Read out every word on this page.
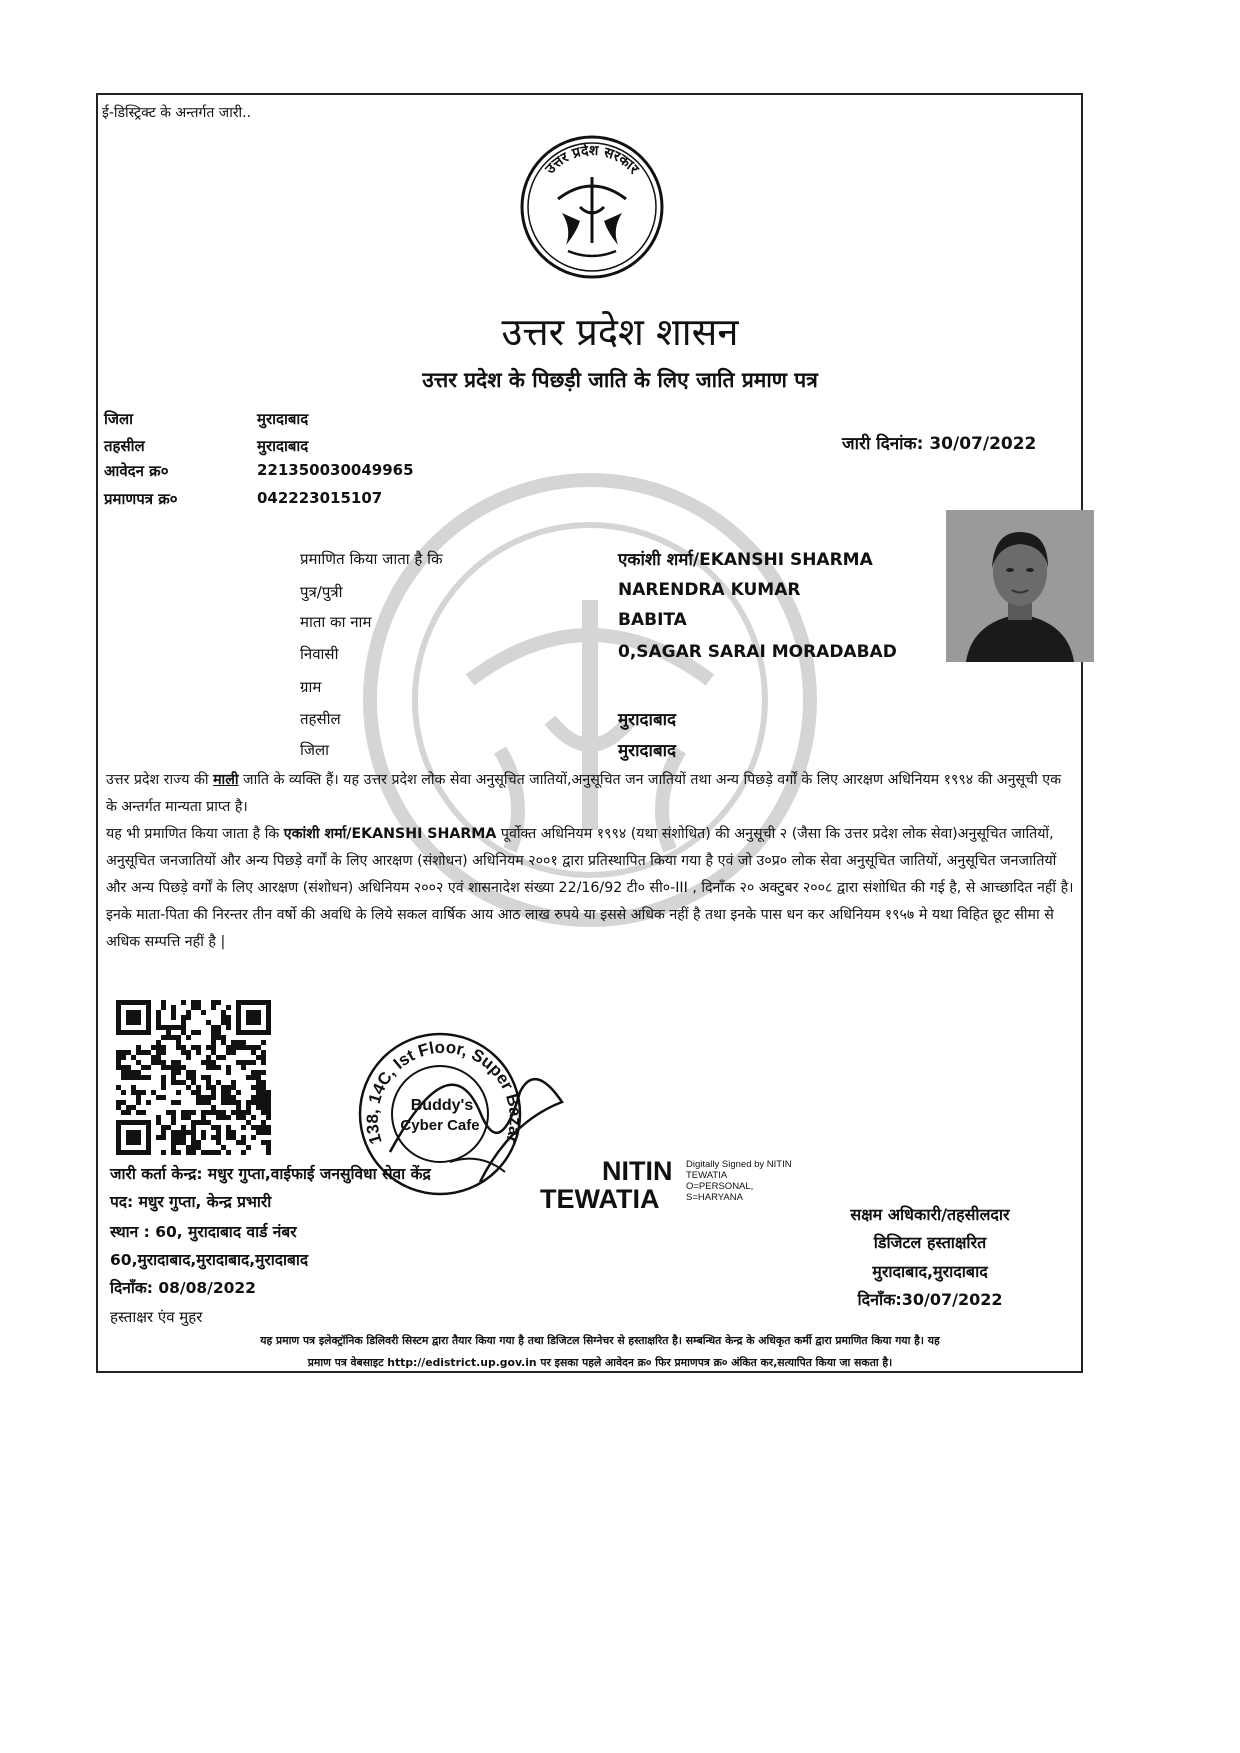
ई-डिस्ट्रिक्ट के अन्तर्गत जारी..
उत्तर प्रदेश सरकार
उत्तर प्रदेश शासन
उत्तर प्रदेश के पिछड़ी जाति के लिए जाति प्रमाण पत्र
जिला	मुरादाबाद
तहसील	मुरादाबाद
आवेदन क्र०	221350030049965
प्रमाणपत्र क्र०	042223015107
जारी दिनांक: 30/07/2022
प्रमाणित किया जाता है कि	एकांशी शर्मा/EKANSHI SHARMA
पुत्र/पुत्री	NARENDRA KUMAR
माता का नाम	BABITA
निवासी	0,SAGAR SARAI MORADABAD
ग्राम
तहसील	मुरादाबाद
जिला	मुरादाबाद

उत्तर प्रदेश राज्य की माली जाति के व्यक्ति हैं। यह उत्तर प्रदेश लोक सेवा अनुसूचित जातियों,अनुसूचित जन जातियों तथा अन्य पिछड़े वर्गों के लिए आरक्षण अधिनियम १९९४ की अनुसूची एक के अन्तर्गत मान्यता प्राप्त है।

यह भी प्रमाणित किया जाता है कि एकांशी शर्मा/EKANSHI SHARMA पूर्वोक्त अधिनियम १९९४ (यथा संशोधित) की अनुसूची २ (जैसा कि उत्तर प्रदेश लोक सेवा)अनुसूचित जातियों, अनुसूचित जनजातियों और अन्य पिछड़े वर्गों के लिए आरक्षण (संशोधन) अधिनियम २००१ द्वारा प्रतिस्थापित किया गया है एवं जो उ०प्र० लोक सेवा अनुसूचित जातियों, अनुसूचित जनजातियों और अन्य पिछड़े वर्गों के लिए आरक्षण (संशोधन) अधिनियम २००२ एवं शासनादेश संख्या 22/16/92 टी० सी०-III , दिनाँक २० अक्टुबर २००८ द्वारा संशोधित की गई है, से आच्छादित नहीं है।इनके माता-पिता की निरन्तर तीन वर्षो की अवधि के लिये सकल वार्षिक आय आठ लाख रुपये या इससे अधिक नहीं है तथा इनके पास धन कर अधिनियम १९५७ मे यथा विहित छूट सीमा से अधिक सम्पत्ति नहीं है |

138, 14C, Ist Floor, Super Bazar
Buddy's
Cyber Cafe
जारी कर्ता केन्द्र: मधुर गुप्ता,वाईफाई जनसुविधा सेवा केंद्र
पद: मधुर गुप्ता, केन्द्र प्रभारी
स्थान : 60, मुरादाबाद वार्ड नंबर
60,मुरादाबाद,मुरादाबाद,मुरादाबाद
दिनाँक: 08/08/2022
हस्ताक्षर एंव मुहर
NITIN
TEWATIA
Digitally Signed by NITIN
TEWATIA
O=PERSONAL,
S=HARYANA
सक्षम अधिकारी/तहसीलदार
डिजिटल हस्ताक्षरित
मुरादाबाद,मुरादाबाद
दिनाँक:30/07/2022
यह प्रमाण पत्र इलेक्ट्रॉनिक डिलिवरी सिस्टम द्वारा तैयार किया गया है तथा डिजिटल सिग्नेचर से हस्ताक्षरित है। सम्बन्धित केन्द्र के अधिकृत कर्मी द्वारा प्रमाणित किया गया है। यह
प्रमाण पत्र वेबसाइट http://edistrict.up.gov.in पर इसका पहले आवेदन क्र० फिर प्रमाणपत्र क्र० अंकित कर,सत्यापित किया जा सकता है।
